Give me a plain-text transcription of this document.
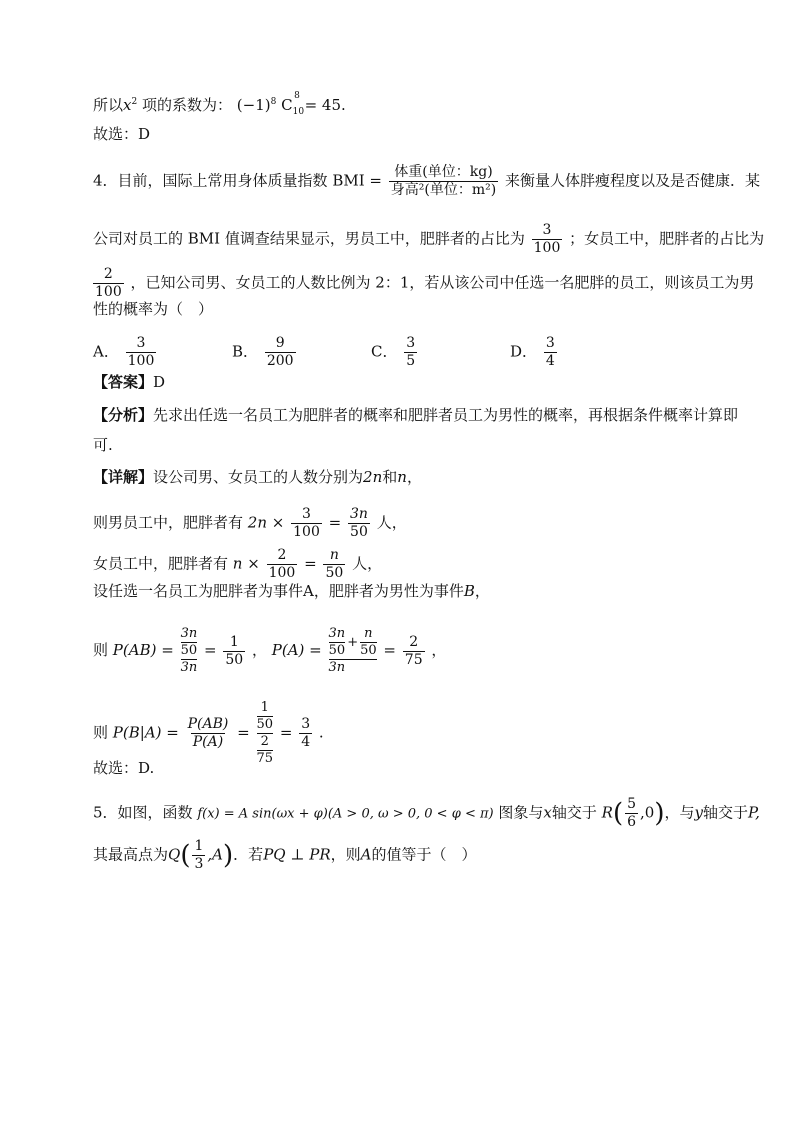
所以$x^2$ 项的系数为： $(-1)^8$ $C_{10}^8 = 45$.
故选：D
4．目前，国际上常用身体质量指数 BMI = $\frac{\text{体重(单位：kg)}}{\text{身高²(单位：m²)}}$ 来衡量人体胖瘦程度以及是否健康．某
公司对员工的 BMI 值调查结果显示，男员工中，肥胖者的占比为 $\frac{3}{100}$ ；女员工中，肥胖者的占比为
$\frac{2}{100}$ ，已知公司男、女员工的人数比例为 2：1，若从该公司中任选一名肥胖的员工，则该员工为男
性的概率为（　）
A． $\frac{3}{100}$	B． $\frac{9}{200}$	C． $\frac{3}{5}$	D． $\frac{3}{4}$
【答案】D
【分析】先求出任选一名员工为肥胖者的概率和肥胖者员工为男性的概率，再根据条件概率计算即
可.
【详解】设公司男、女员工的人数分别为2n和n，
则男员工中，肥胖者有 $2n \times \frac{3}{100} = \frac{3n}{50}$ 人，
女员工中，肥胖者有 $n \times \frac{2}{100} = \frac{n}{50}$ 人，
设任选一名员工为肥胖者为事件A，肥胖者为男性为事件B，
则 $P(AB) = \frac{\frac{3n}{50}}{3n} = \frac{1}{50}$ ， $P(A) = \frac{\frac{3n}{50} + \frac{n}{50}}{3n} = \frac{2}{75}$ ，
则 $P(B|A) = \frac{P(AB)}{P(A)} = \frac{\frac{1}{50}}{\frac{2}{75}} = \frac{3}{4}$ .
故选：D.
5．如图，函数 f(x) = A sin(ωx + φ)(A > 0, ω > 0, 0 < φ < π) 图象与x轴交于 $R( \frac{5}{6} ,0)$，与y轴交于P,
其最高点为$Q( \frac{1}{3} ,A)$．若PQ ⊥ PR，则A的值等于（　）
